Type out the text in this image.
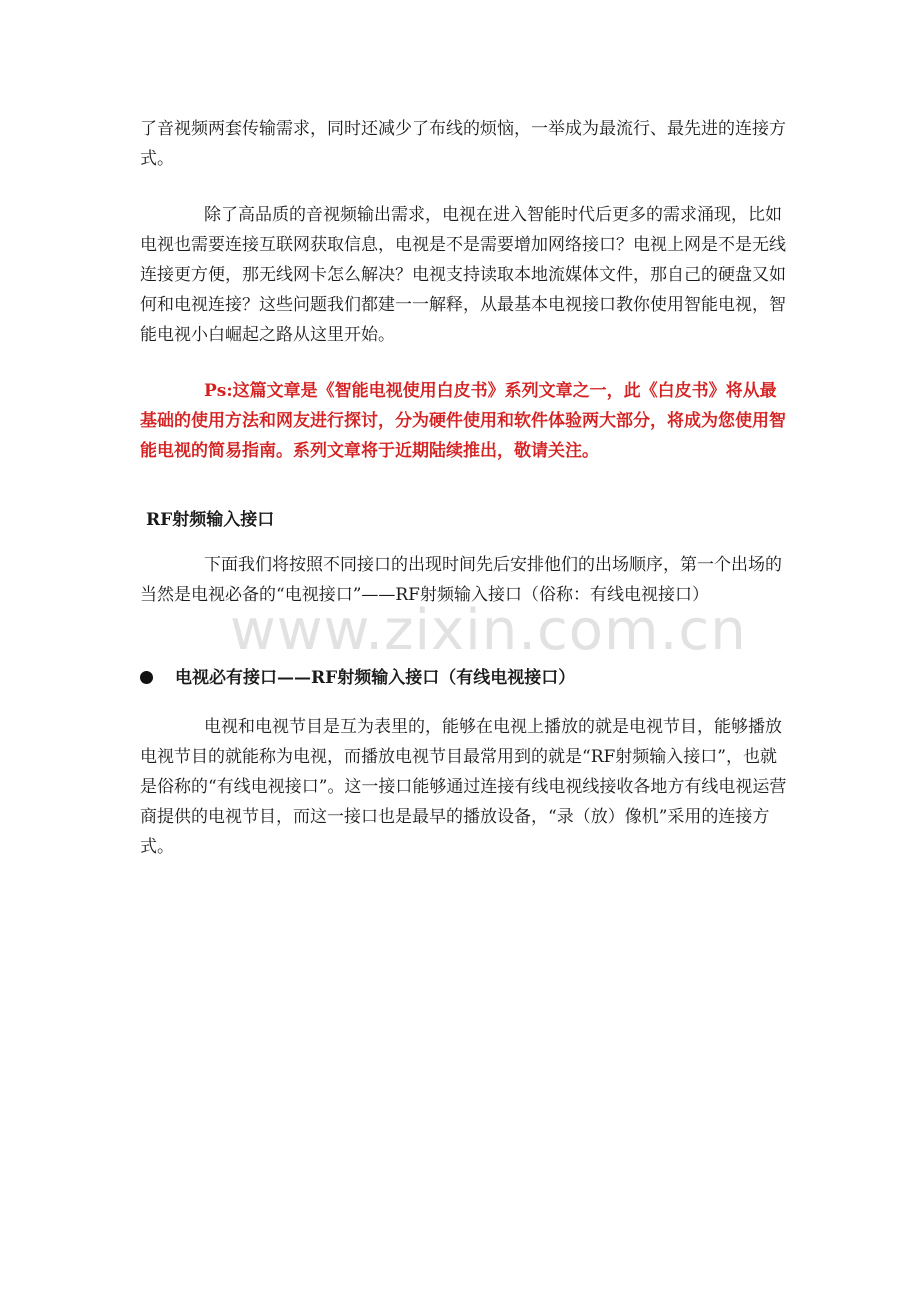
了音视频两套传输需求，同时还减少了布线的烦恼，一举成为最流行、最先进的连接方式。

除了高品质的音视频输出需求，电视在进入智能时代后更多的需求涌现，比如电视也需要连接互联网获取信息，电视是不是需要增加网络接口？电视上网是不是无线连接更方便，那无线网卡怎么解决？电视支持读取本地流媒体文件，那自己的硬盘又如何和电视连接？这些问题我们都建一一解释，从最基本电视接口教你使用智能电视，智能电视小白崛起之路从这里开始。

Ps:这篇文章是《智能电视使用白皮书》系列文章之一，此《白皮书》将从最基础的使用方法和网友进行探讨，分为硬件使用和软件体验两大部分，将成为您使用智能电视的简易指南。系列文章将于近期陆续推出，敬请关注。

RF射频输入接口

下面我们将按照不同接口的出现时间先后安排他们的出场顺序，第一个出场的当然是电视必备的“电视接口”——RF射频输入接口（俗称：有线电视接口）

电视必有接口——RF射频输入接口（有线电视接口）

电视和电视节目是互为表里的，能够在电视上播放的就是电视节目，能够播放电视节目的就能称为电视，而播放电视节目最常用到的就是“RF射频输入接口”，也就是俗称的“有线电视接口”。这一接口能够通过连接有线电视线接收各地方有线电视运营商提供的电视节目，而这一接口也是最早的播放设备，“录（放）像机”采用的连接方式。

www.zixin.com.cn
